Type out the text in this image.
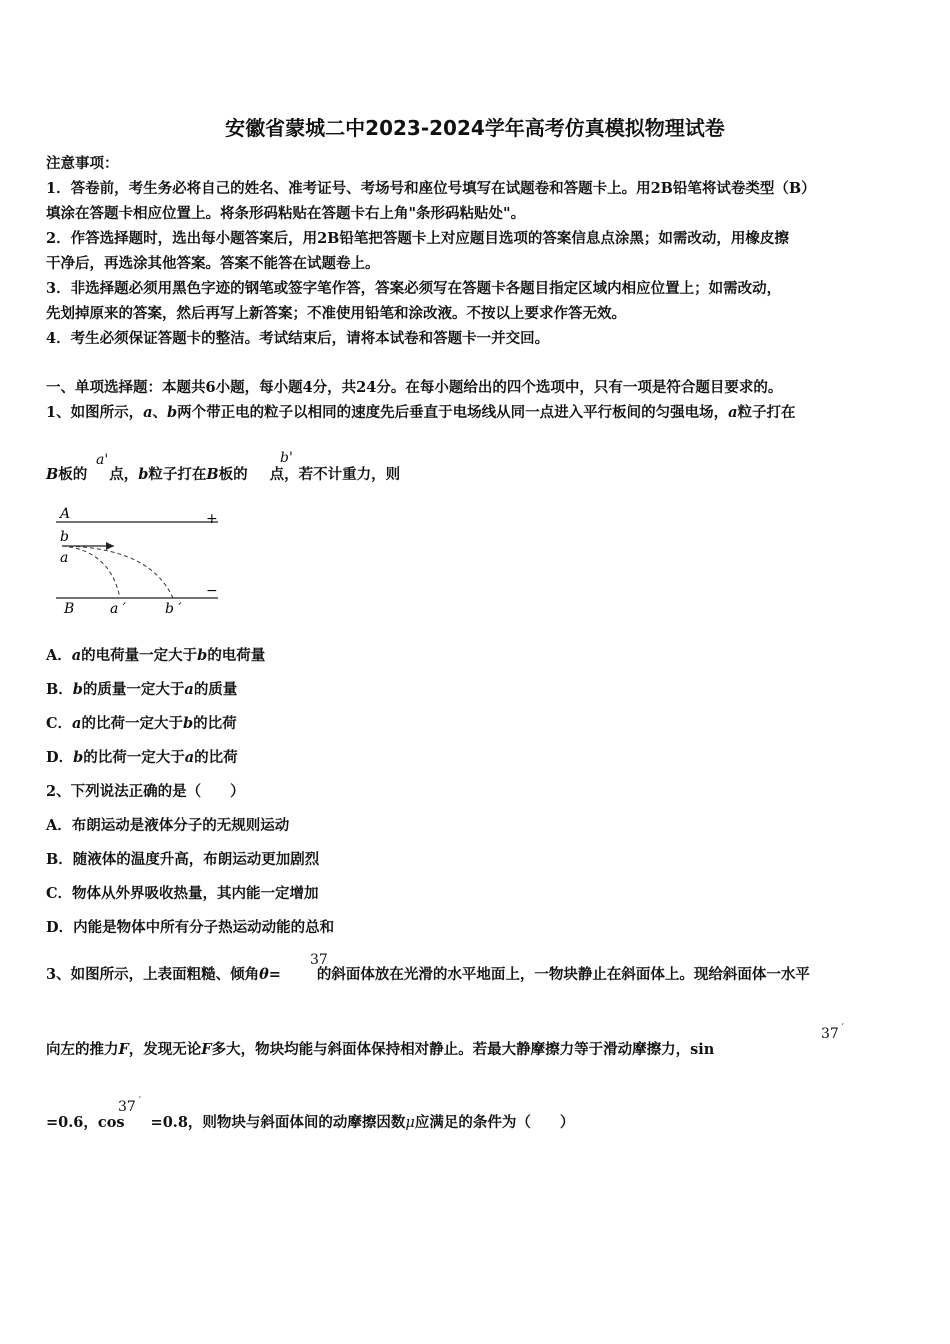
安徽省蒙城二中2023-2024学年高考仿真模拟物理试卷
注意事项：
1．答卷前，考生务必将自己的姓名、准考证号、考场号和座位号填写在试题卷和答题卡上。用2B铅笔将试卷类型（B）
填涂在答题卡相应位置上。将条形码粘贴在答题卡右上角"条形码粘贴处"。
2．作答选择题时，选出每小题答案后，用2B铅笔把答题卡上对应题目选项的答案信息点涂黑；如需改动，用橡皮擦
干净后，再选涂其他答案。答案不能答在试题卷上。
3．非选择题必须用黑色字迹的钢笔或签字笔作答，答案必须写在答题卡各题目指定区域内相应位置上；如需改动，
先划掉原来的答案，然后再写上新答案；不准使用铅笔和涂改液。不按以上要求作答无效。
4．考生必须保证答题卡的整洁。考试结束后，请将本试卷和答题卡一并交回。
一、单项选择题：本题共6小题，每小题4分，共24分。在每小题给出的四个选项中，只有一项是符合题目要求的。
1、如图所示，a、b两个带正电的粒子以相同的速度先后垂直于电场线从同一点进入平行板间的匀强电场，a粒子打在
B板的 点，b粒子打在B板的 点，若不计重力，则
a'	b'
A	+
b
a
B
−
a ′	b ′
A．a的电荷量一定大于b的电荷量
B．b的质量一定大于a的质量
C．a的比荷一定大于b的比荷
D．b的比荷一定大于a的比荷
2、下列说法正确的是（　　）
A．布朗运动是液体分子的无规则运动
B．随液体的温度升高，布朗运动更加剧烈
C．物体从外界吸收热量，其内能一定增加
D．内能是物体中所有分子热运动动能的总和
3、如图所示，上表面粗糙、倾角θ= 的斜面体放在光滑的水平地面上，一物块静止在斜面体上。现给斜面体一水平
37
向左的推力F，发现无论F多大，物块均能与斜面体保持相对静止。若最大静摩擦力等于滑动摩擦力，sin
37 ˊ
=0.6，cos =0.8，则物块与斜面体间的动摩擦因数μ应满足的条件为（　　）
37 ˊ
